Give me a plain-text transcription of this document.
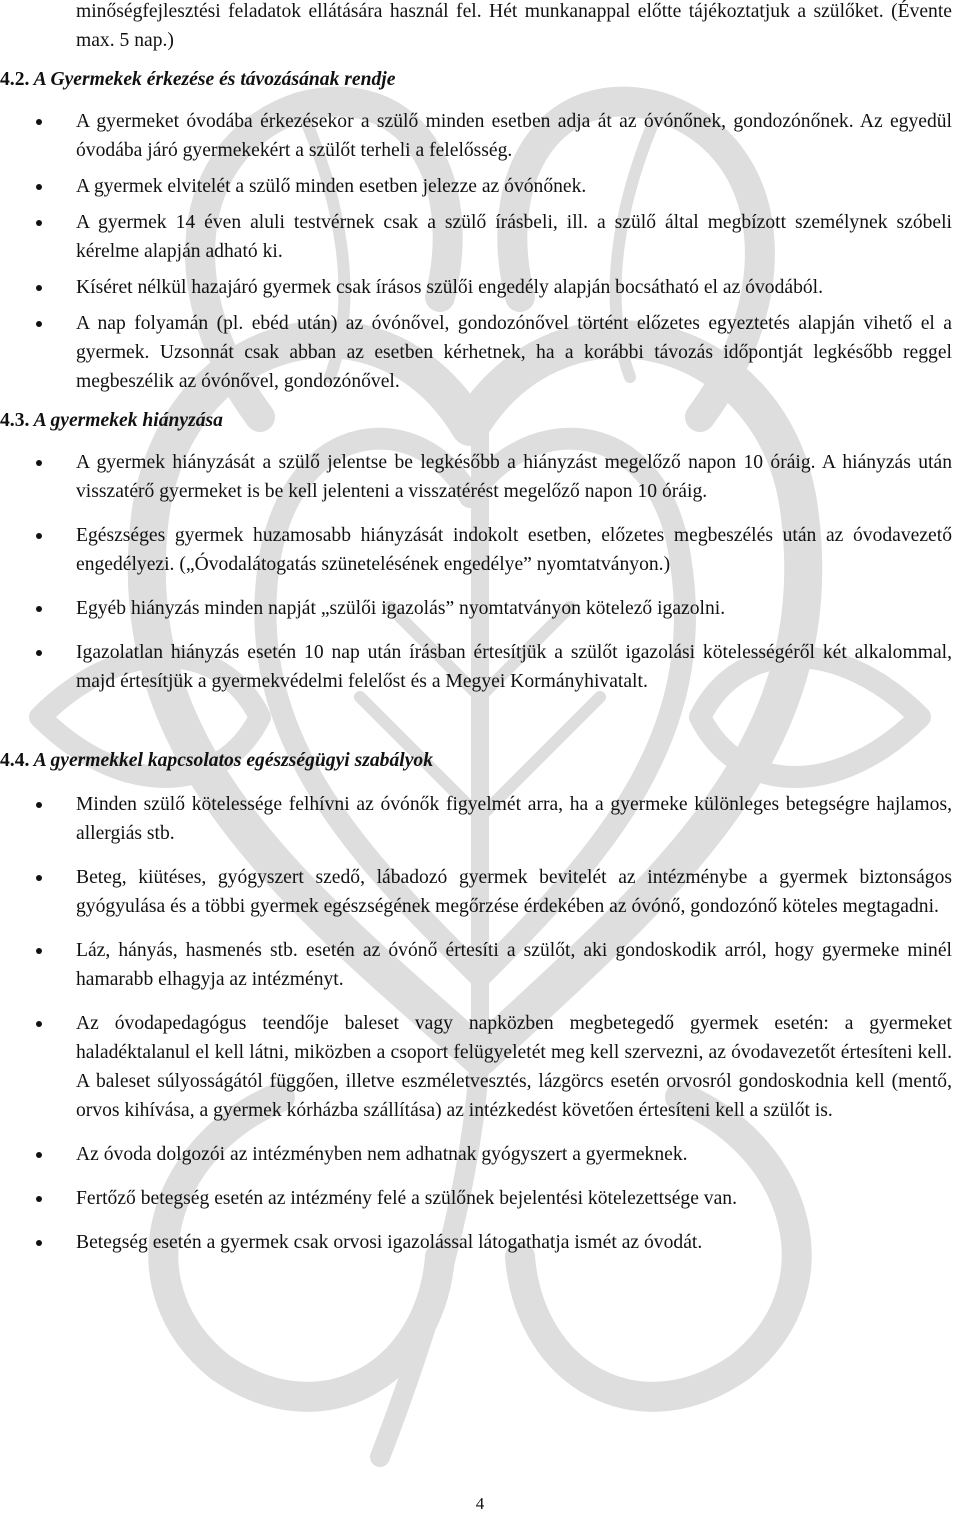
minőségfejlesztési feladatok ellátására használ fel. Hét munkanappal előtte tájékoztatjuk a szülőket. (Évente max. 5 nap.)
4.2. A Gyermekek érkezése és távozásának rendje
A gyermeket óvodába érkezésekor a szülő minden esetben adja át az óvónőnek, gondozónőnek. Az egyedül óvodába járó gyermekekért a szülőt terheli a felelősség.
A gyermek elvitelét a szülő minden esetben jelezze az óvónőnek.
A gyermek 14 éven aluli testvérnek csak a szülő írásbeli, ill. a szülő által megbízott személynek szóbeli kérelme alapján adható ki.
Kíséret nélkül hazajáró gyermek csak írásos szülői engedély alapján bocsátható el az óvodából.
A nap folyamán (pl. ebéd után) az óvónővel, gondozónővel történt előzetes egyeztetés alapján vihető el a gyermek. Uzsonnát csak abban az esetben kérhetnek, ha a korábbi távozás időpontját legkésőbb reggel megbeszélik az óvónővel, gondozónővel.
4.3. A gyermekek hiányzása
A gyermek hiányzását a szülő jelentse be legkésőbb a hiányzást megelőző napon 10 óráig. A hiányzás után visszatérő gyermeket is be kell jelenteni a visszatérést megelőző napon 10 óráig.
Egészséges gyermek huzamosabb hiányzását indokolt esetben, előzetes megbeszélés után az óvodavezető engedélyezi. („Óvodalátogatás szünetelésének engedélye” nyomtatványon.)
Egyéb hiányzás minden napját „szülői igazolás” nyomtatványon kötelező igazolni.
Igazolatlan hiányzás esetén 10 nap után írásban értesítjük a szülőt igazolási kötelességéről két alkalommal, majd értesítjük a gyermekvédelmi felelőst és a Megyei Kormányhivatalt.
4.4. A gyermekkel kapcsolatos egészségügyi szabályok
Minden szülő kötelessége felhívni az óvónők figyelmét arra, ha a gyermeke különleges betegségre hajlamos, allergiás stb.
Beteg, kiütéses, gyógyszert szedő, lábadozó gyermek bevitelét az intézménybe a gyermek biztonságos gyógyulása és a többi gyermek egészségének megőrzése érdekében az óvónő, gondozónő köteles megtagadni.
Láz, hányás, hasmenés stb. esetén az óvónő értesíti a szülőt, aki gondoskodik arról, hogy gyermeke minél hamarabb elhagyja az intézményt.
Az óvodapedagógus teendője baleset vagy napközben megbetegedő gyermek esetén: a gyermeket haladéktalanul el kell látni, miközben a csoport felügyeletét meg kell szervezni, az óvodavezetőt értesíteni kell. A baleset súlyosságától függően, illetve eszméletvesztés, lázgörcs esetén orvosról gondoskodnia kell (mentő, orvos kihívása, a gyermek kórházba szállítása) az intézkedést követően értesíteni kell a szülőt is.
Az óvoda dolgozói az intézményben nem adhatnak gyógyszert a gyermeknek.
Fertőző betegség esetén az intézmény felé a szülőnek bejelentési kötelezettsége van.
Betegség esetén a gyermek csak orvosi igazolással látogathatja ismét az óvodát.
4
